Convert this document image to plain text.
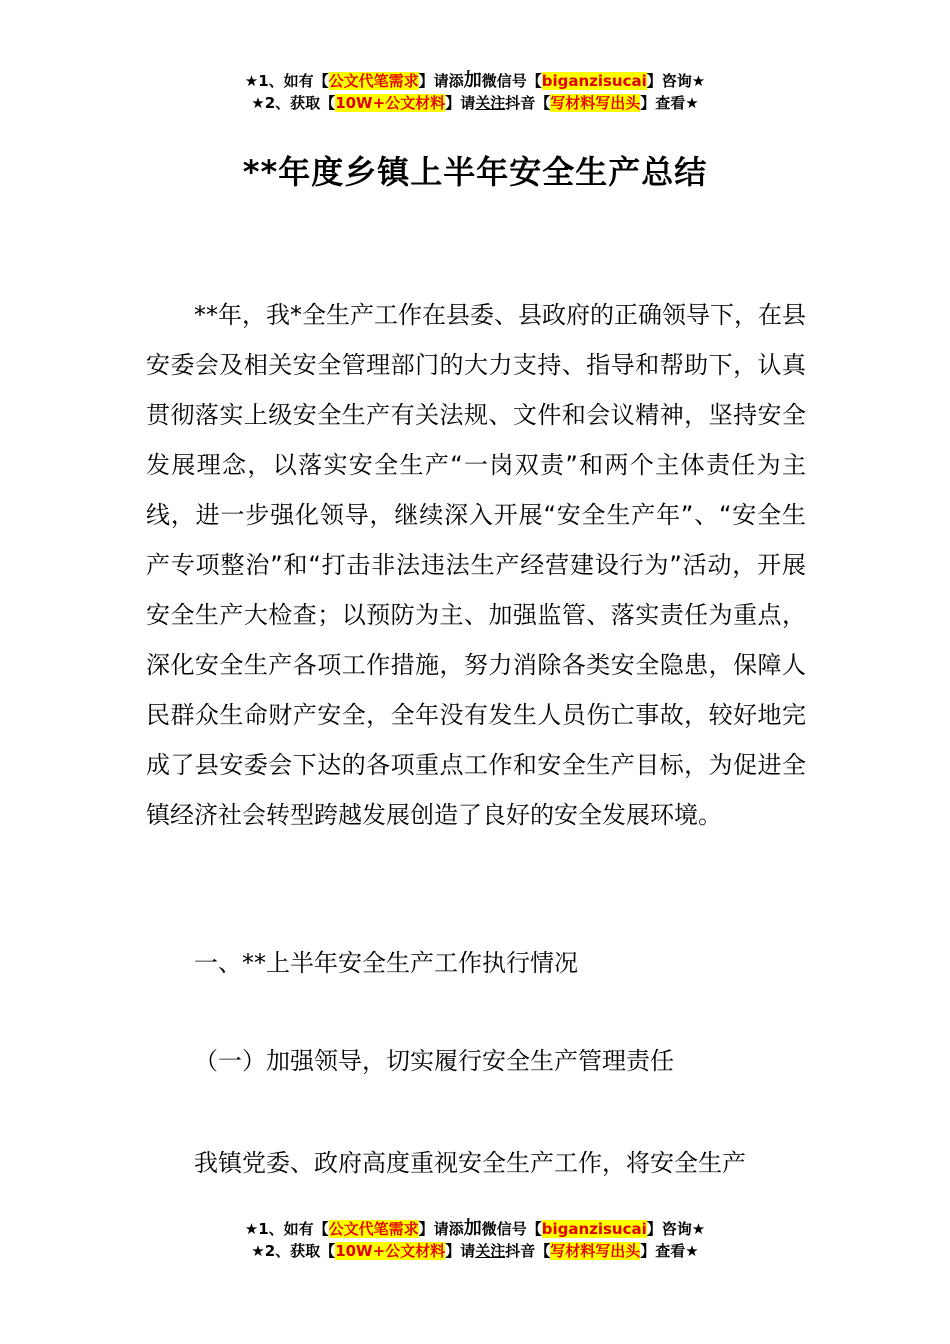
★1、如有【公文代笔需求】请添加微信号【biganzisucai】咨询★
★2、获取【10W+公文材料】请关注抖音【写材料写出头】查看★
**年度乡镇上半年安全生产总结
**年，我*全生产工作在县委、县政府的正确领导下，在县安委会及相关安全管理部门的大力支持、指导和帮助下，认真贯彻落实上级安全生产有关法规、文件和会议精神，坚持安全发展理念，以落实安全生产“一岗双责”和两个主体责任为主线，进一步强化领导，继续深入开展“安全生产年”、“安全生产专项整治”和“打击非法违法生产经营建设行为”活动，开展安全生产大检查；以预防为主、加强监管、落实责任为重点，深化安全生产各项工作措施，努力消除各类安全隐患，保障人民群众生命财产安全，全年没有发生人员伤亡事故，较好地完成了县安委会下达的各项重点工作和安全生产目标，为促进全镇经济社会转型跨越发展创造了良好的安全发展环境。
一、**上半年安全生产工作执行情况
（一）加强领导，切实履行安全生产管理责任
我镇党委、政府高度重视安全生产工作，将安全生产
★1、如有【公文代笔需求】请添加微信号【biganzisucai】咨询★
★2、获取【10W+公文材料】请关注抖音【写材料写出头】查看★
